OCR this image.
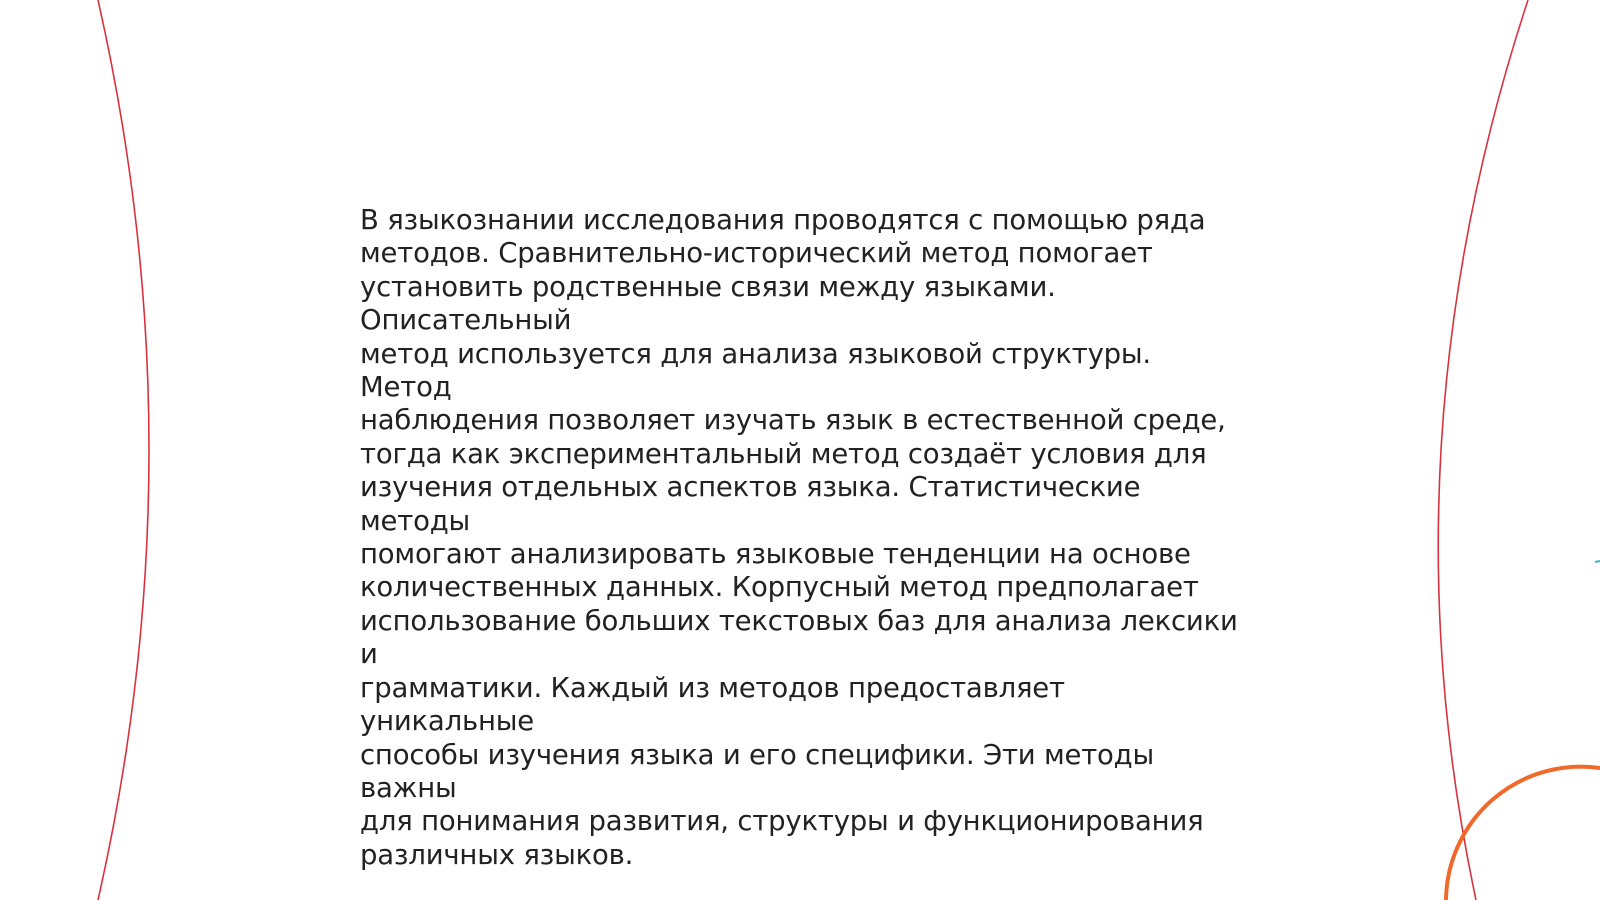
В языкознании исследования проводятся с помощью ряда
методов. Сравнительно-исторический метод помогает
установить родственные связи между языками. Описательный
метод используется для анализа языковой структуры. Метод
наблюдения позволяет изучать язык в естественной среде,
тогда как экспериментальный метод создаёт условия для
изучения отдельных аспектов языка. Статистические методы
помогают анализировать языковые тенденции на основе
количественных данных. Корпусный метод предполагает
использование больших текстовых баз для анализа лексики и
грамматики. Каждый из методов предоставляет уникальные
способы изучения языка и его специфики. Эти методы важны
для понимания развития, структуры и функционирования
различных языков.
